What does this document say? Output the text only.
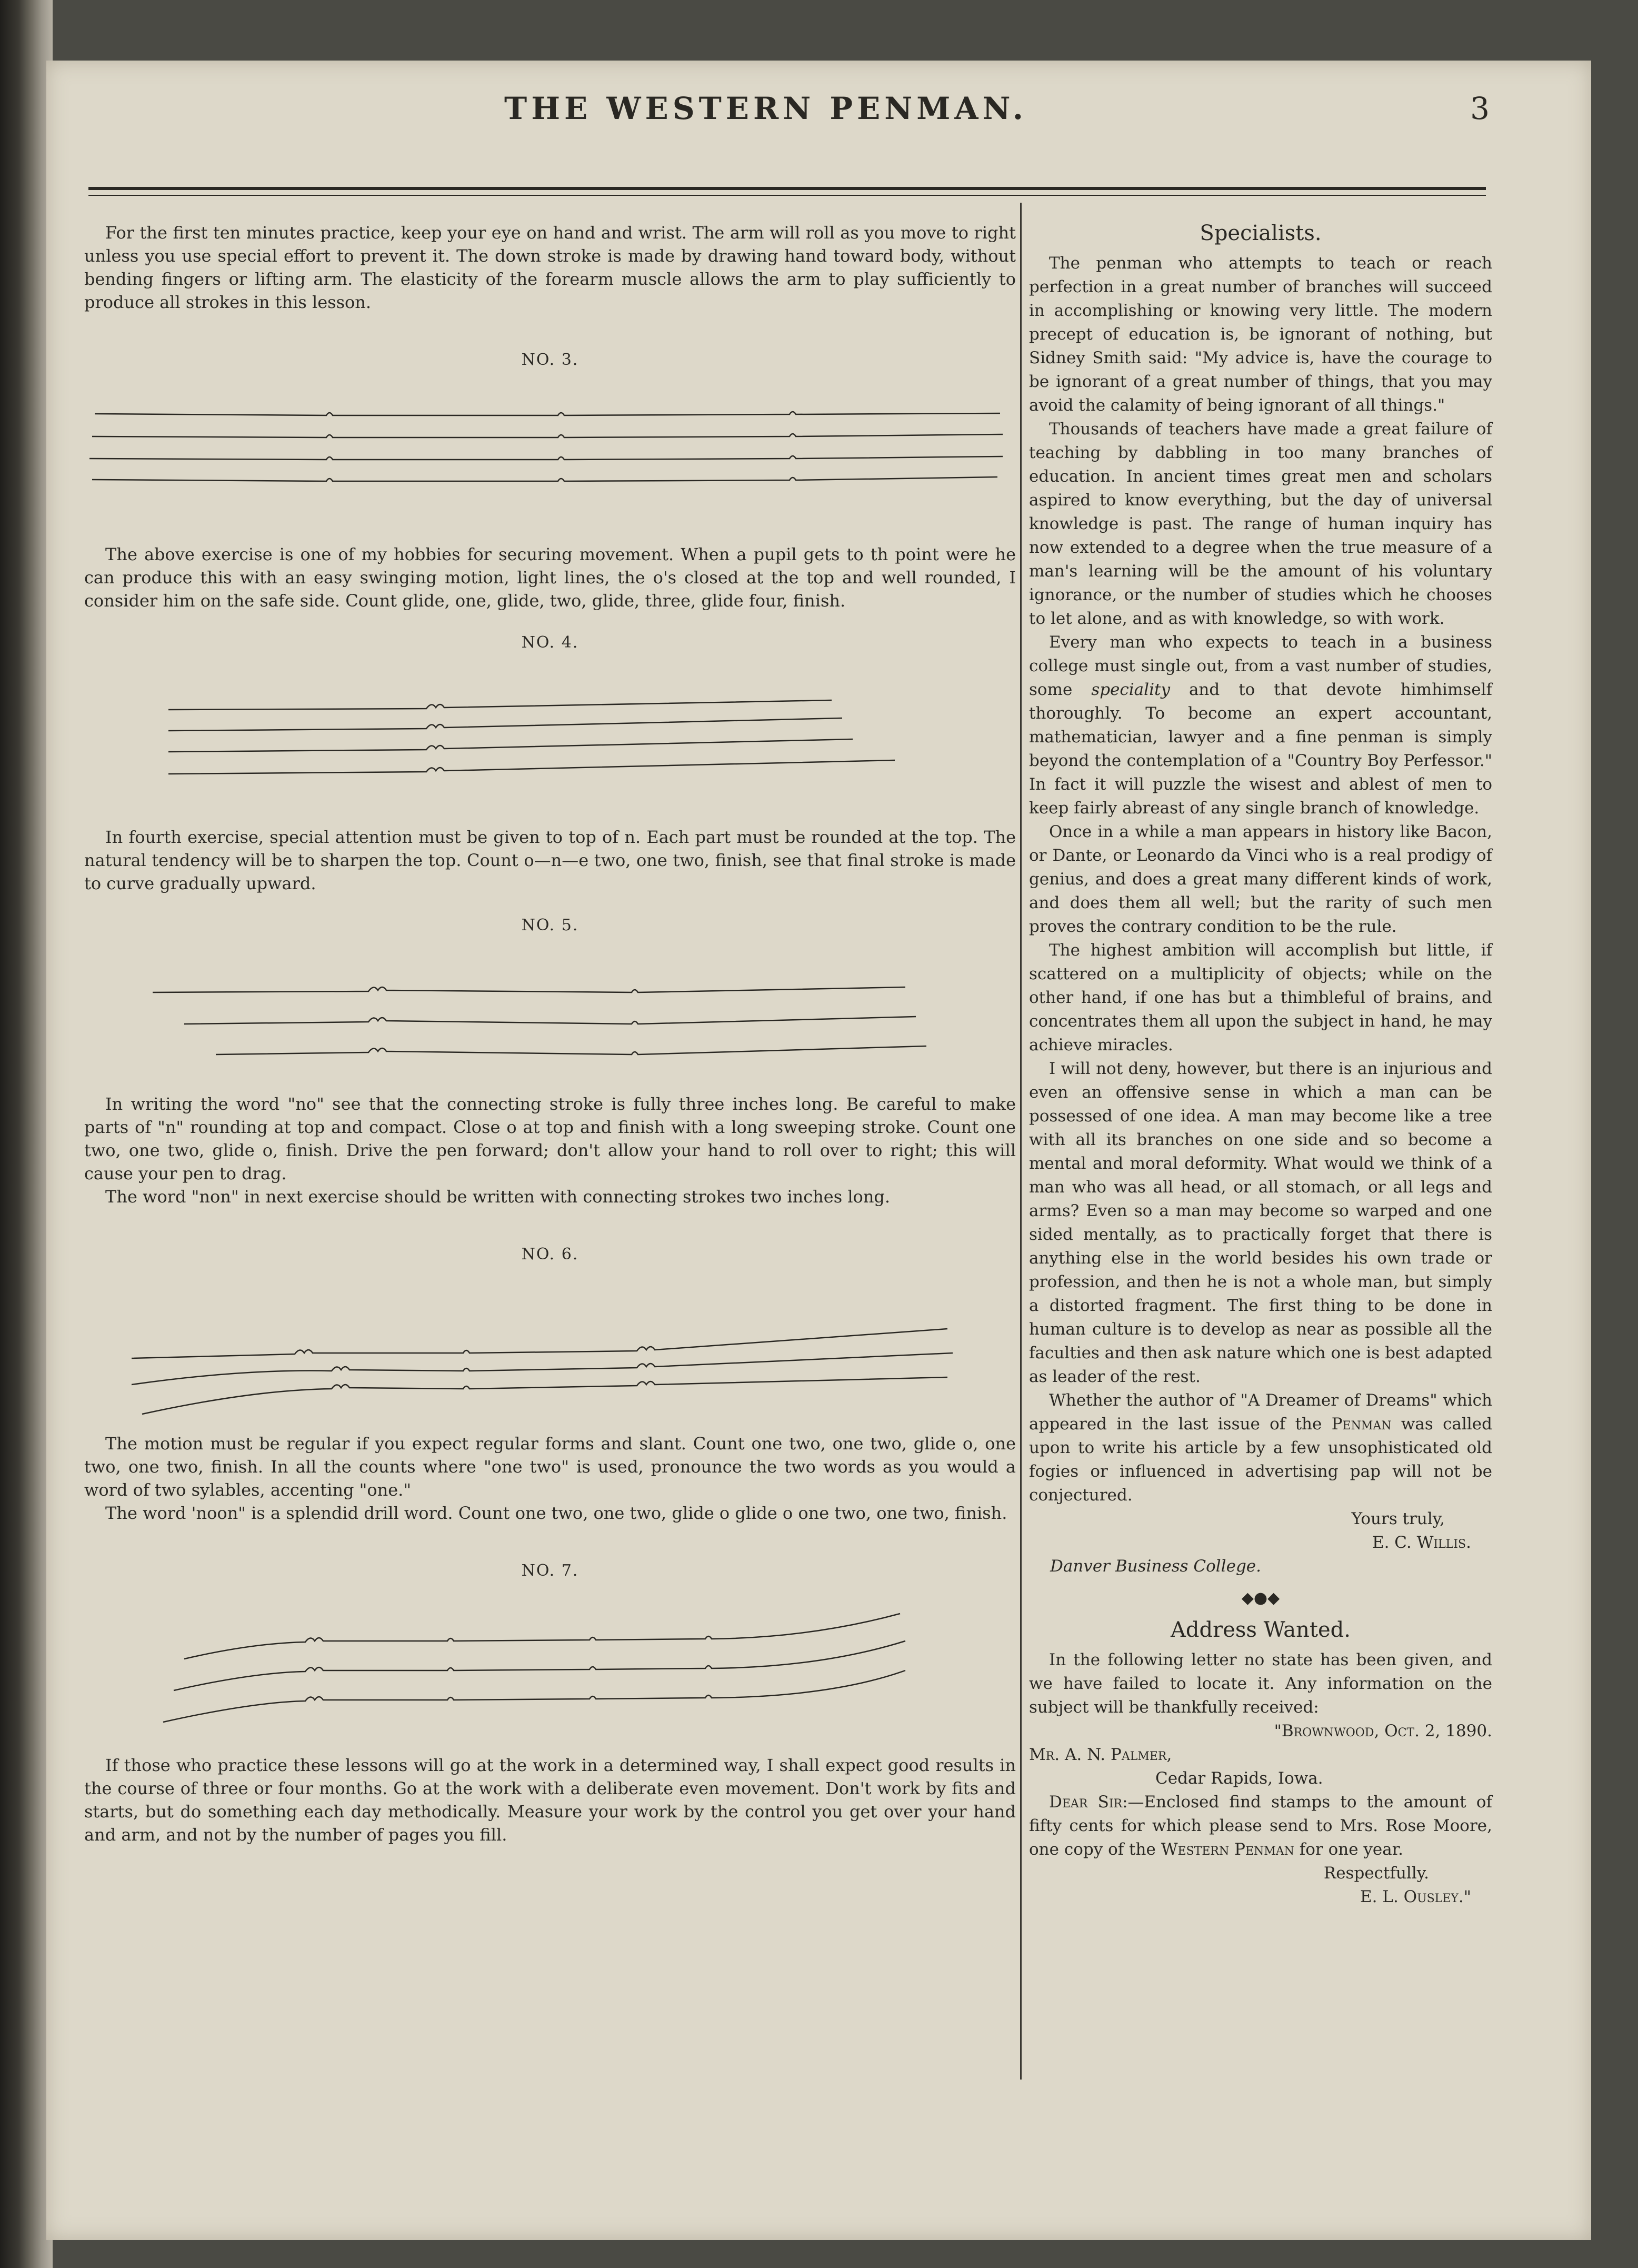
THE WESTERN PENMAN.	3

For the first ten minutes practice, keep your eye on hand and wrist. The arm will roll as you move to right unless you use special effort to prevent it. The down stroke is made by drawing hand toward body, without bending fingers or lifting arm. The elasticity of the forearm muscle allows the arm to play sufficiently to produce all strokes in this lesson.

NO. 3.

The above exercise is one of my hobbies for securing movement. When a pupil gets to th point were he can produce this with an easy swinging motion, light lines, the o's closed at the top and well rounded, I consider him on the safe side. Count glide, one, glide, two, glide, three, glide four, finish.

NO. 4.

In fourth exercise, special attention must be given to top of n. Each part must be rounded at the top. The natural tendency will be to sharpen the top. Count o—n—e two, one two, finish, see that final stroke is made to curve gradually upward.

NO. 5.

In writing the word "no" see that the connecting stroke is fully three inches long. Be careful to make parts of "n" rounding at top and compact. Close o at top and finish with a long sweeping stroke. Count one two, one two, glide o, finish. Drive the pen forward; don't allow your hand to roll over to right; this will cause your pen to drag.

The word "non" in next exercise should be written with connecting strokes two inches long.

NO. 6.

The motion must be regular if you expect regular forms and slant. Count one two, one two, glide o, one two, one two, finish. In all the counts where "one two" is used, pronounce the two words as you would a word of two sylables, accenting "one."

The word 'noon" is a splendid drill word. Count one two, one two, glide o glide o one two, one two, finish.

NO. 7.

If those who practice these lessons will go at the work in a determined way, I shall expect good results in the course of three or four months. Go at the work with a deliberate even movement. Don't work by fits and starts, but do something each day methodically. Measure your work by the control you get over your hand and arm, and not by the number of pages you fill.

Specialists.

The penman who attempts to teach or reach perfection in a great number of branches will succeed in accomplishing or knowing very little. The modern precept of education is, be ignorant of nothing, but Sidney Smith said: "My advice is, have the courage to be ignorant of a great number of things, that you may avoid the calamity of being ignorant of all things."

Thousands of teachers have made a great failure of teaching by dabbling in too many branches of education. In ancient times great men and scholars aspired to know everything, but the day of universal knowledge is past. The range of human inquiry has now extended to a degree when the true measure of a man's learning will be the amount of his voluntary ignorance, or the number of studies which he chooses to let alone, and as with knowledge, so with work.

Every man who expects to teach in a business college must single out, from a vast number of studies, some speciality and to that devote himhimself thoroughly. To become an expert accountant, mathematician, lawyer and a fine penman is simply beyond the contemplation of a "Country Boy Perfessor." In fact it will puzzle the wisest and ablest of men to keep fairly abreast of any single branch of knowledge.

Once in a while a man appears in history like Bacon, or Dante, or Leonardo da Vinci who is a real prodigy of genius, and does a great many different kinds of work, and does them all well; but the rarity of such men proves the contrary condition to be the rule.

The highest ambition will accomplish but little, if scattered on a multiplicity of objects; while on the other hand, if one has but a thimbleful of brains, and concentrates them all upon the subject in hand, he may achieve miracles.

I will not deny, however, but there is an injurious and even an offensive sense in which a man can be possessed of one idea. A man may become like a tree with all its branches on one side and so become a mental and moral deformity. What would we think of a man who was all head, or all stomach, or all legs and arms? Even so a man may become so warped and one sided mentally, as to practically forget that there is anything else in the world besides his own trade or profession, and then he is not a whole man, but simply a distorted fragment. The first thing to be done in human culture is to develop as near as possible all the faculties and then ask nature which one is best adapted as leader of the rest.

Whether the author of "A Dreamer of Dreams" which appeared in the last issue of the Penman was called upon to write his article by a few unsophisticated old fogies or influenced in advertising pap will not be conjectured.

Yours truly,

E. C. Willis.

Danver Business College.

◆●◆
Address Wanted.

In the following letter no state has been given, and we have failed to locate it. Any information on the subject will be thankfully received:

"Brownwood, Oct. 2, 1890.

Mr. A. N. Palmer,

Cedar Rapids, Iowa.

Dear Sir:—Enclosed find stamps to the amount of fifty cents for which please send to Mrs. Rose Moore, one copy of the Western Penman for one year.

Respectfully.

E. L. Ousley."
